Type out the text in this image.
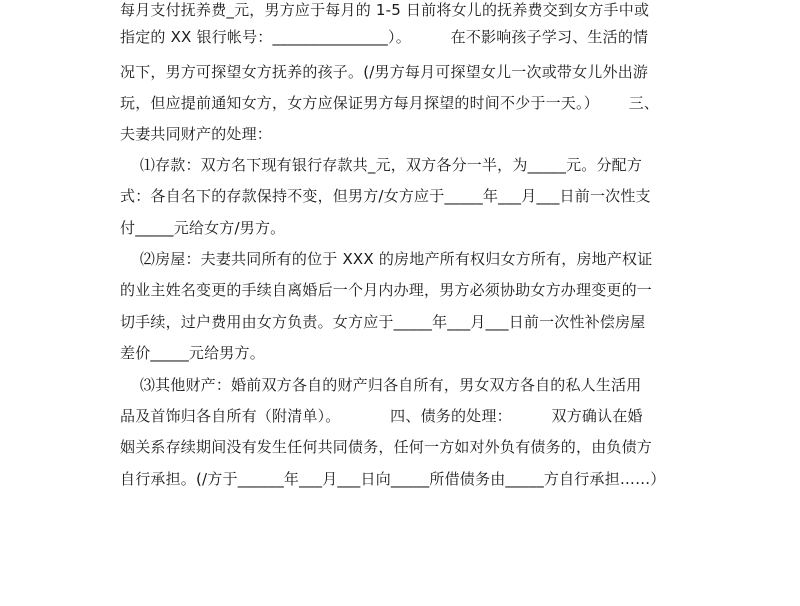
每月支付抚养费_元，男方应于每月的 1-5 日前将女儿的抚养费交到女方手中或
指定的 XX 银行帐号：_______________）。        在不影响孩子学习、生活的情
况下，男方可探望女方抚养的孩子。(/男方每月可探望女儿一次或带女儿外出游
玩，但应提前通知女方，女方应保证男方每月探望的时间不少于一天。）      三、
夫妻共同财产的处理：
⑴存款：双方名下现有银行存款共_元，双方各分一半，为_____元。分配方
式：各自名下的存款保持不变，但男方/女方应于_____年___月___日前一次性支
付_____元给女方/男方。
⑵房屋：夫妻共同所有的位于 XXX 的房地产所有权归女方所有，房地产权证
的业主姓名变更的手续自离婚后一个月内办理，男方必须协助女方办理变更的一
切手续，过户费用由女方负责。女方应于_____年___月___日前一次性补偿房屋
差价_____元给男方。
⑶其他财产：婚前双方各自的财产归各自所有，男女双方各自的私人生活用
品及首饰归各自所有（附清单）。          四、债务的处理：        双方确认在婚
姻关系存续期间没有发生任何共同债务，任何一方如对外负有债务的，由负债方
自行承担。(/方于______年___月___日向_____所借债务由_____方自行承担……）
